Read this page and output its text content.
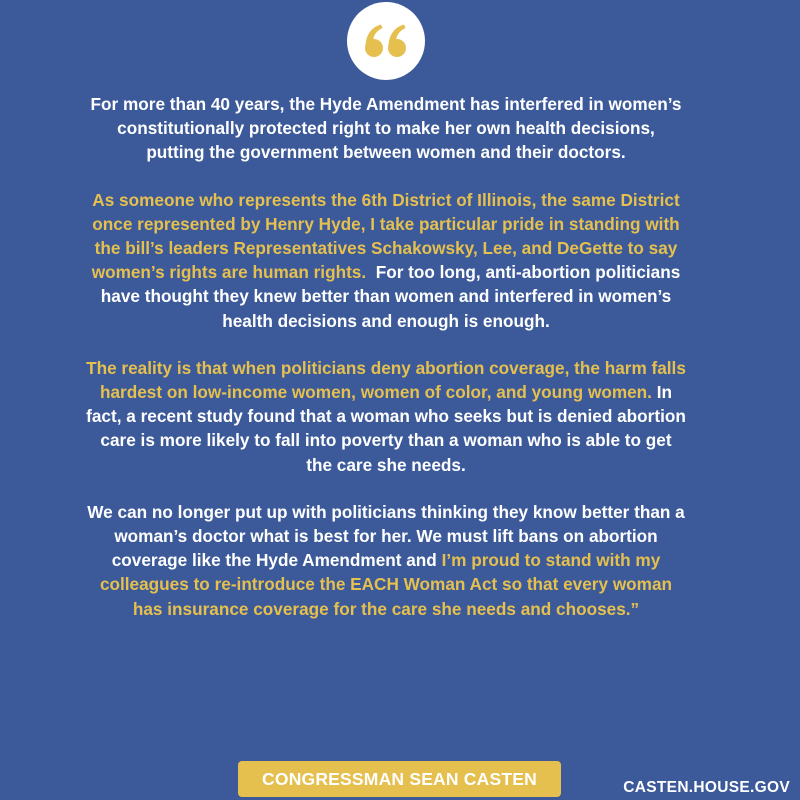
For more than 40 years, the Hyde Amendment has interfered in women’s constitutionally protected right to make her own health decisions, putting the government between women and their doctors.

As someone who represents the 6th District of Illinois, the same District once represented by Henry Hyde, I take particular pride in standing with the bill’s leaders Representatives Schakowsky, Lee, and DeGette to say women’s rights are human rights. For too long, anti-abortion politicians have thought they knew better than women and interfered in women’s health decisions and enough is enough.

The reality is that when politicians deny abortion coverage, the harm falls hardest on low-income women, women of color, and young women. In fact, a recent study found that a woman who seeks but is denied abortion care is more likely to fall into poverty than a woman who is able to get the care she needs.

We can no longer put up with politicians thinking they know better than a woman’s doctor what is best for her. We must lift bans on abortion coverage like the Hyde Amendment and I’m proud to stand with my colleagues to re-introduce the EACH Woman Act so that every woman has insurance coverage for the care she needs and chooses.”

CONGRESSMAN SEAN CASTEN	CASTEN.HOUSE.GOV
